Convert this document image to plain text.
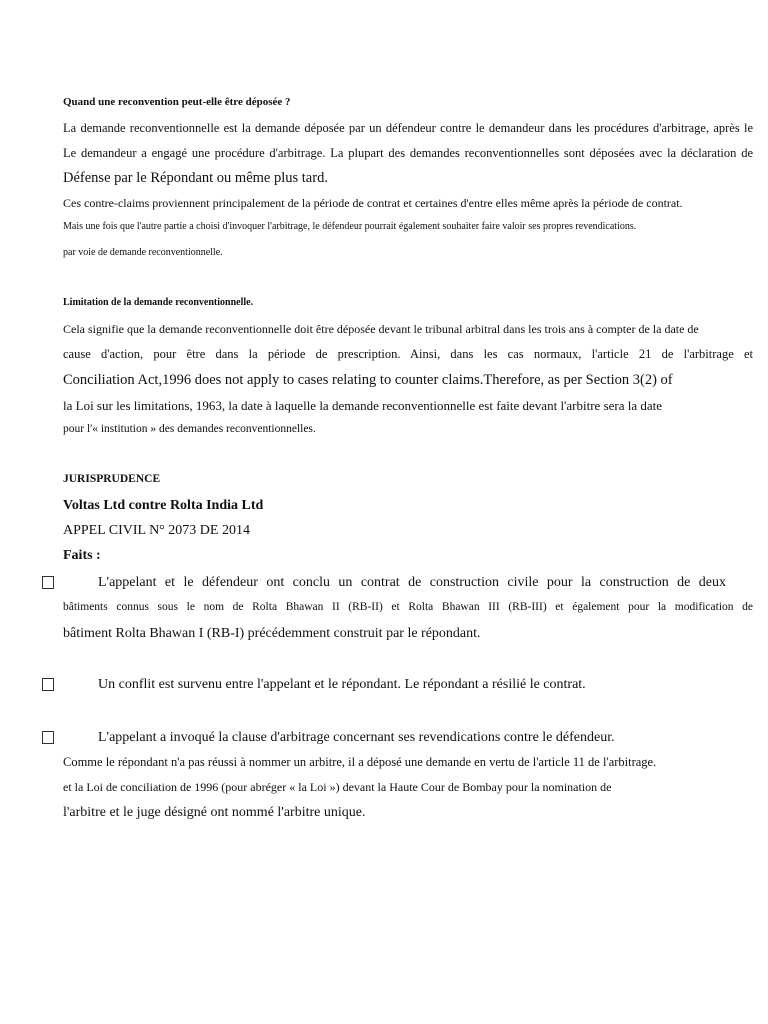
Quand une reconvention peut-elle être déposée ?
La demande reconventionnelle est la demande déposée par un défendeur contre le demandeur dans les procédures d'arbitrage, après le
Le demandeur a engagé une procédure d'arbitrage. La plupart des demandes reconventionnelles sont déposées avec la déclaration de
Défense par le Répondant ou même plus tard.
Ces contre-claims proviennent principalement de la période de contrat et certaines d'entre elles même après la période de contrat.
Mais une fois que l'autre partie a choisi d'invoquer l'arbitrage, le défendeur pourrait également souhaiter faire valoir ses propres revendications.
par voie de demande reconventionnelle.
Limitation de la demande reconventionnelle.
Cela signifie que la demande reconventionnelle doit être déposée devant le tribunal arbitral dans les trois ans à compter de la date de
cause d'action, pour être dans la période de prescription. Ainsi, dans les cas normaux, l'article 21 de l'arbitrage et
Conciliation Act,1996 does not apply to cases relating to counter claims.Therefore, as per Section 3(2) of
la Loi sur les limitations, 1963, la date à laquelle la demande reconventionnelle est faite devant l'arbitre sera la date
pour l'« institution » des demandes reconventionnelles.
JURISPRUDENCE
Voltas Ltd contre Rolta India Ltd
APPEL CIVIL N° 2073 DE 2014
Faits :
L'appelant et le défendeur ont conclu un contrat de construction civile pour la construction de deux
bâtiments connus sous le nom de Rolta Bhawan II (RB-II) et Rolta Bhawan III (RB-III) et également pour la modification de
bâtiment Rolta Bhawan I (RB-I) précédemment construit par le répondant.
Un conflit est survenu entre l'appelant et le répondant. Le répondant a résilié le contrat.
L'appelant a invoqué la clause d'arbitrage concernant ses revendications contre le défendeur.
Comme le répondant n'a pas réussi à nommer un arbitre, il a déposé une demande en vertu de l'article 11 de l'arbitrage.
et la Loi de conciliation de 1996 (pour abréger « la Loi ») devant la Haute Cour de Bombay pour la nomination de
l'arbitre et le juge désigné ont nommé l'arbitre unique.
